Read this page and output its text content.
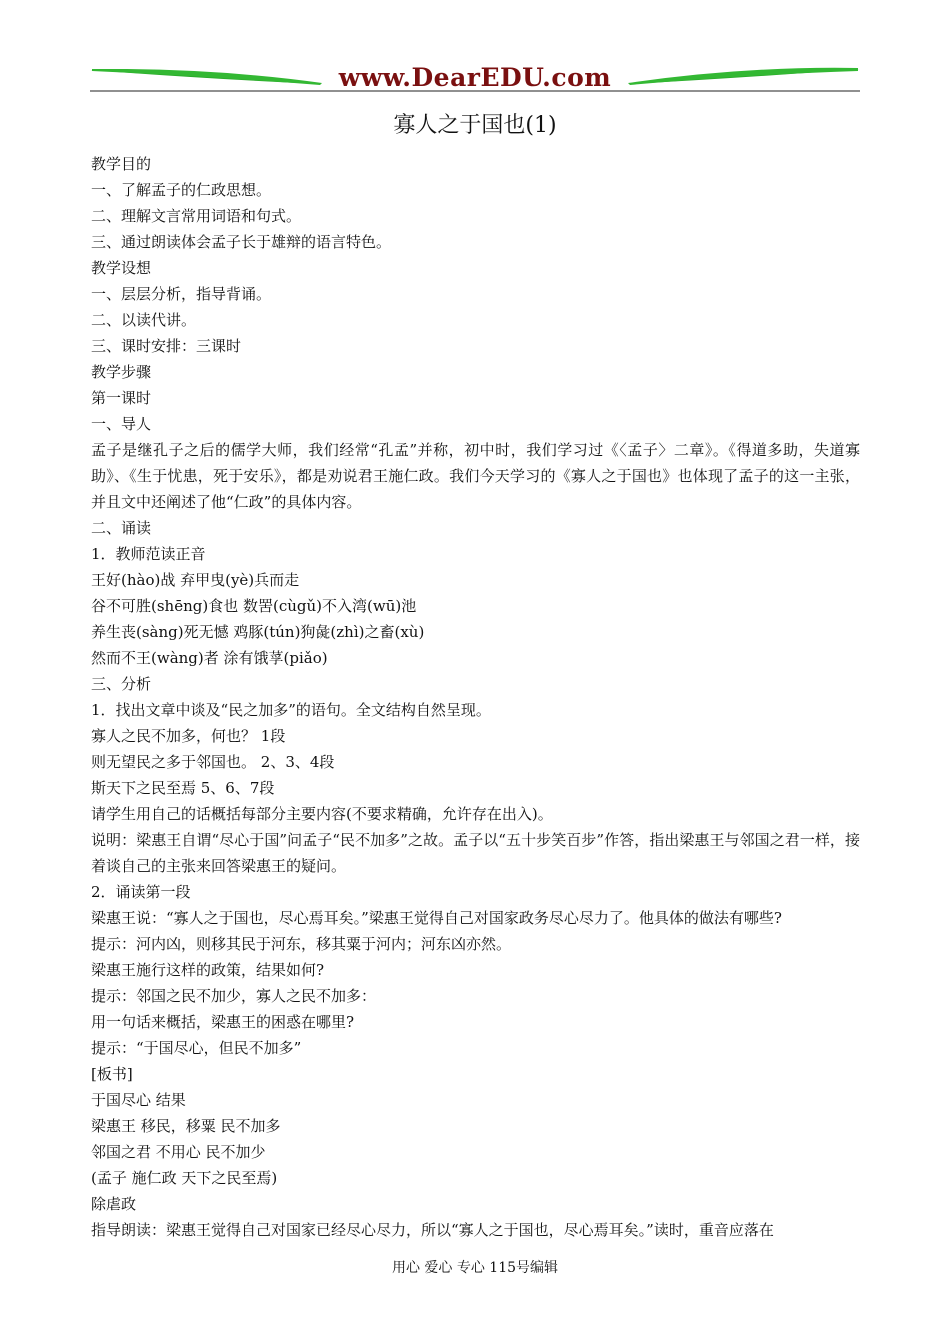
www.DearEDU.com
寡人之于国也(1)
教学目的
一、了解孟子的仁政思想。
二、理解文言常用词语和句式。
三、通过朗读体会孟子长于雄辩的语言特色。
教学设想
一、层层分析，指导背诵。
二、以读代讲。
三、课时安排：三课时
教学步骤
第一课时
一、导人
孟子是继孔子之后的儒学大师，我们经常“孔孟”并称，初中时，我们学习过《〈孟子〉二章》。《得道多助，失道寡助》、《生于忧患，死于安乐》，都是劝说君王施仁政。我们今天学习的《寡人之于国也》也体现了孟子的这一主张，并且文中还阐述了他“仁政”的具体内容。
二、诵读
1．教师范读正音
王好(hào)战 弃甲曳(yè)兵而走
谷不可胜(shēng)食也 数罟(cùgǔ)不入湾(wū)池
养生丧(sàng)死无憾 鸡豚(tún)狗彘(zhì)之畜(xù)
然而不王(wàng)者 涂有饿莩(piǎo)
三、分析
1．找出文章中谈及“民之加多”的语句。全文结构自然呈现。
寡人之民不加多，何也？ 1段
则无望民之多于邻国也。 2、3、4段
斯天下之民至焉 5、6、7段
请学生用自己的话概括每部分主要内容(不要求精确，允许存在出入)。
说明：梁惠王自谓“尽心于国”问孟子“民不加多”之故。孟子以“五十步笑百步”作答，指出梁惠王与邻国之君一样，接着谈自己的主张来回答梁惠王的疑问。
2．诵读第一段
梁惠王说：“寡人之于国也，尽心焉耳矣。”梁惠王觉得自己对国家政务尽心尽力了。他具体的做法有哪些?
提示：河内凶，则移其民于河东，移其粟于河内；河东凶亦然。
梁惠王施行这样的政策，结果如何?
提示：邻国之民不加少，寡人之民不加多：
用一句话来概括，梁惠王的困惑在哪里?
提示：“于国尽心，但民不加多”
[板书]
于国尽心 结果
梁惠王 移民，移粟 民不加多
邻国之君 不用心 民不加少
(孟子 施仁政 天下之民至焉)
除虐政
指导朗读：梁惠王觉得自己对国家已经尽心尽力，所以“寡人之于国也，尽心焉耳矣。”读时，重音应落在
用心 爱心 专心 115号编辑
